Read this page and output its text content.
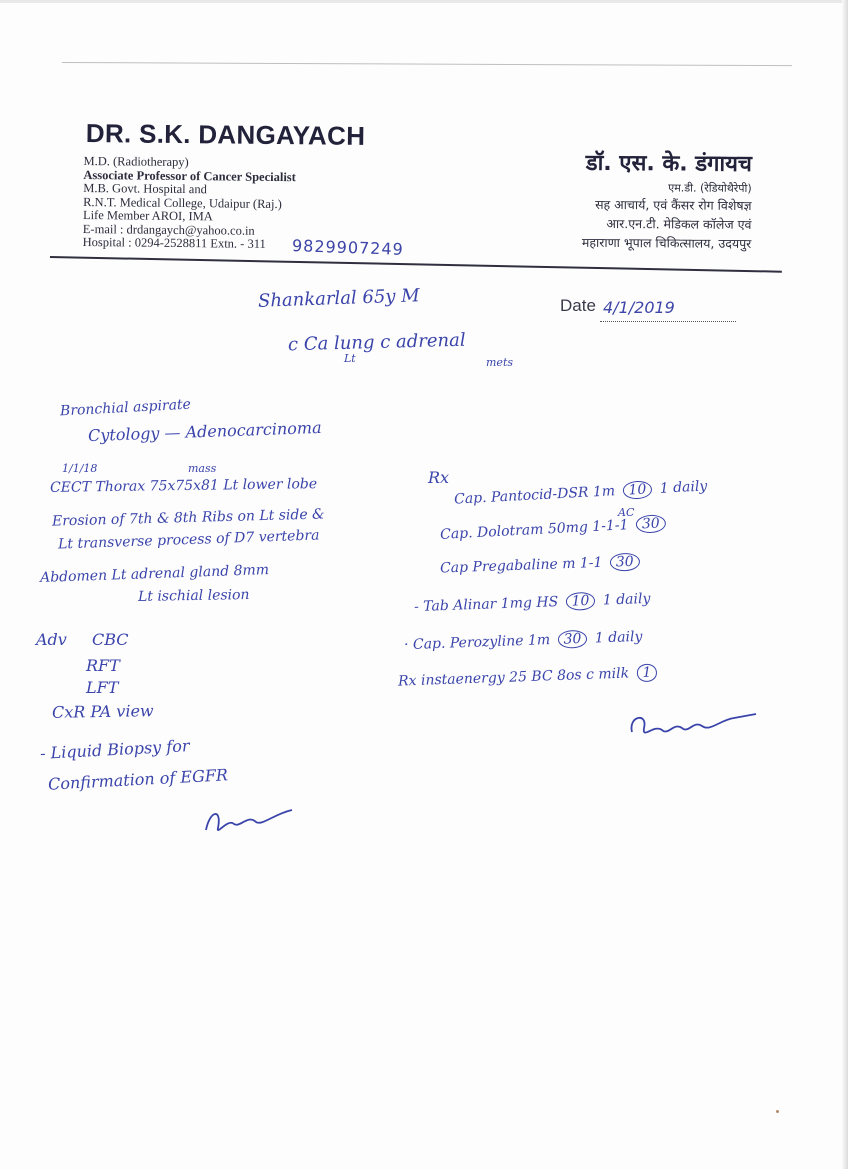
DR. S.K. DANGAYACH
M.D. (Radiotherapy)
Associate Professor of Cancer Specialist
M.B. Govt. Hospital and
R.N.T. Medical College, Udaipur (Raj.)
Life Member AROI, IMA
E-mail : drdangaych@yahoo.co.in
Hospital : 0294-2528811 Extn. - 311	9829907249
डॉ. एस. के. डंगायच
एम.डी. (रेडियोथैरेपी)
सह आचार्य, एवं कैंसर रोग विशेषज्ञ
आर.एन.टी. मेडिकल कॉलेज एवं
महाराणा भूपाल चिकित्सालय, उदयपुर
Date 4/1/2019
Shankarlal 65y M
c Ca lung c adrenal
Lt	mets
Bronchial aspirate
Cytology — Adenocarcinoma
1/1/18	mass
CECT Thorax 75x75x81 Lt lower lobe
Erosion of 7th & 8th Ribs on Lt side &
Lt transverse process of D7 vertebra
Abdomen Lt adrenal gland 8mm
Lt ischial lesion
Adv CBC
RFT
LFT
CxR PA view
- Liquid Biopsy for
Confirmation of EGFR
Rx
Cap. Pantocid-DSR 1m 10 1 daily
Cap. Dolotram 50mg 1-1-1 30
AC
Cap Pregabaline m 1-1 30
- Tab Alinar 1mg HS 10 1 daily
· Cap. Perozyline 1m 30 1 daily
Rx instaenergy 25 BC 8os c milk 1
